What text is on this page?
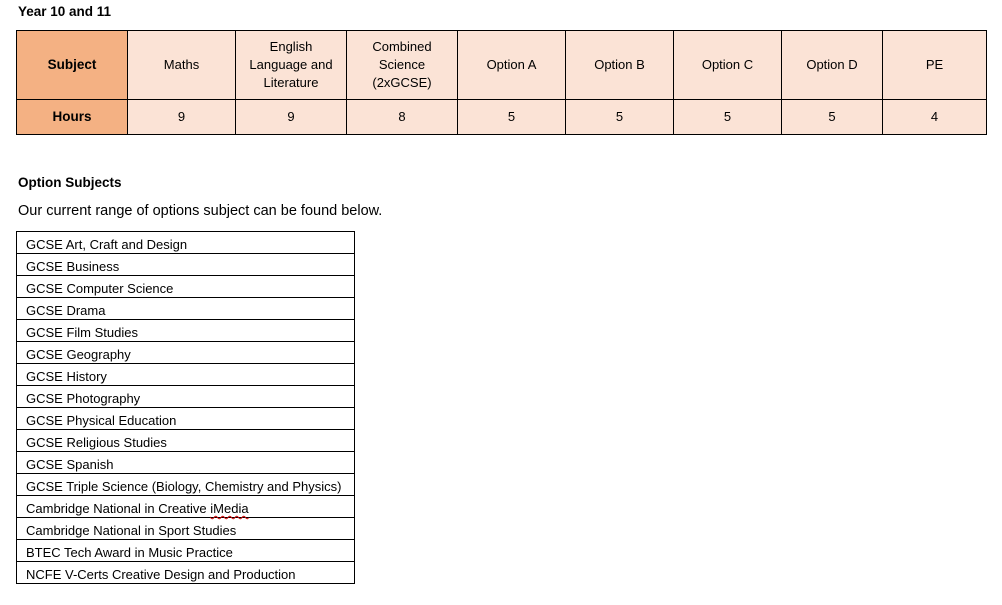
Year 10 and 11
Subject	Maths	English Language and Literature	Combined Science (2xGCSE)	Option A	Option B	Option C	Option D	PE
Hours	9	9	8	5	5	5	5	4
Option Subjects
Our current range of options subject can be found below.
GCSE Art, Craft and Design
GCSE Business
GCSE Computer Science
GCSE Drama
GCSE Film Studies
GCSE Geography
GCSE History
GCSE Photography
GCSE Physical Education
GCSE Religious Studies
GCSE Spanish
GCSE Triple Science (Biology, Chemistry and Physics)
Cambridge National in Creative iMedia
Cambridge National in Sport Studies
BTEC Tech Award in Music Practice
NCFE V-Certs Creative Design and Production
